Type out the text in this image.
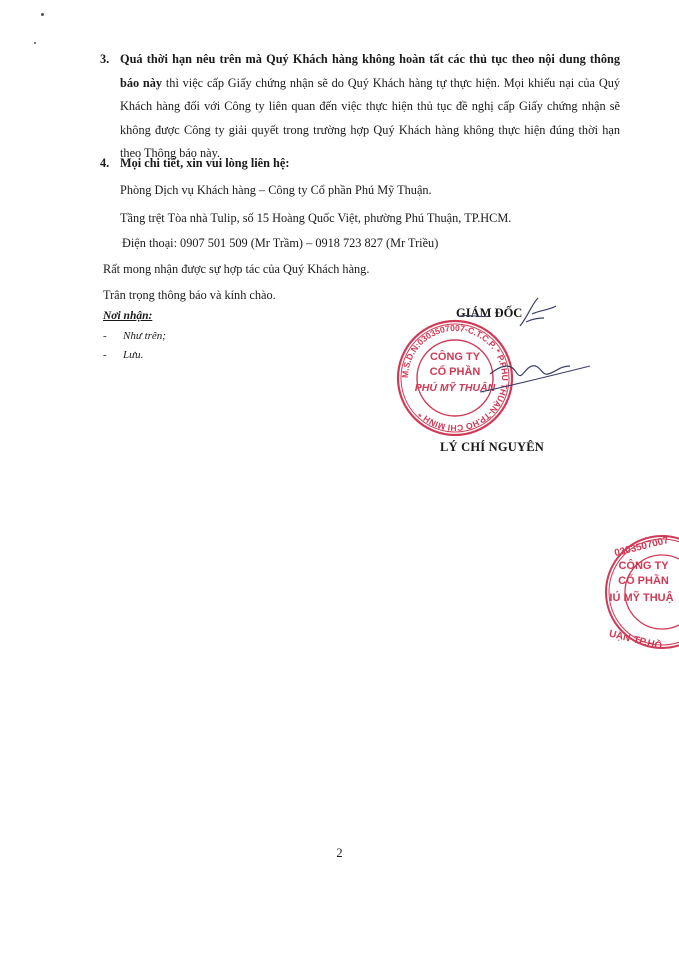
3. Quá thời hạn nêu trên mà Quý Khách hàng không hoàn tất các thủ tục theo nội dung thông báo này thì việc cấp Giấy chứng nhận sẽ do Quý Khách hàng tự thực hiện. Mọi khiếu nại của Quý Khách hàng đối với Công ty liên quan đến việc thực hiện thủ tục đề nghị cấp Giấy chứng nhận sẽ không được Công ty giải quyết trong trường hợp Quý Khách hàng không thực hiện đúng thời hạn theo Thông báo này.
4. Mọi chi tiết, xin vui lòng liên hệ:
Phòng Dịch vụ Khách hàng – Công ty Cổ phần Phú Mỹ Thuận.
Tầng trệt Tòa nhà Tulip, số 15 Hoàng Quốc Việt, phường Phú Thuận, TP.HCM.
Điện thoại: 0907 501 509 (Mr Trầm) – 0918 723 827 (Mr Triều)
Rất mong nhận được sự hợp tác của Quý Khách hàng.
Trân trọng thông báo và kính chào.
Nơi nhận:
- Như trên;
- Lưu.
GIÁM ĐỐC
M.S.D.N:0303507007-C.T.C.P. * P.PHÚ THUẬN-TP.HỒ CHÍ MINH *
CÔNG TY
CỔ PHẦN
PHÚ MỸ THUẬN
LÝ CHÍ NGUYÊN
0303507007
UẬN-TP.HỒ
CÔNG TY
CỔ PHẦN
IÚ MỸ THUẬ
2
